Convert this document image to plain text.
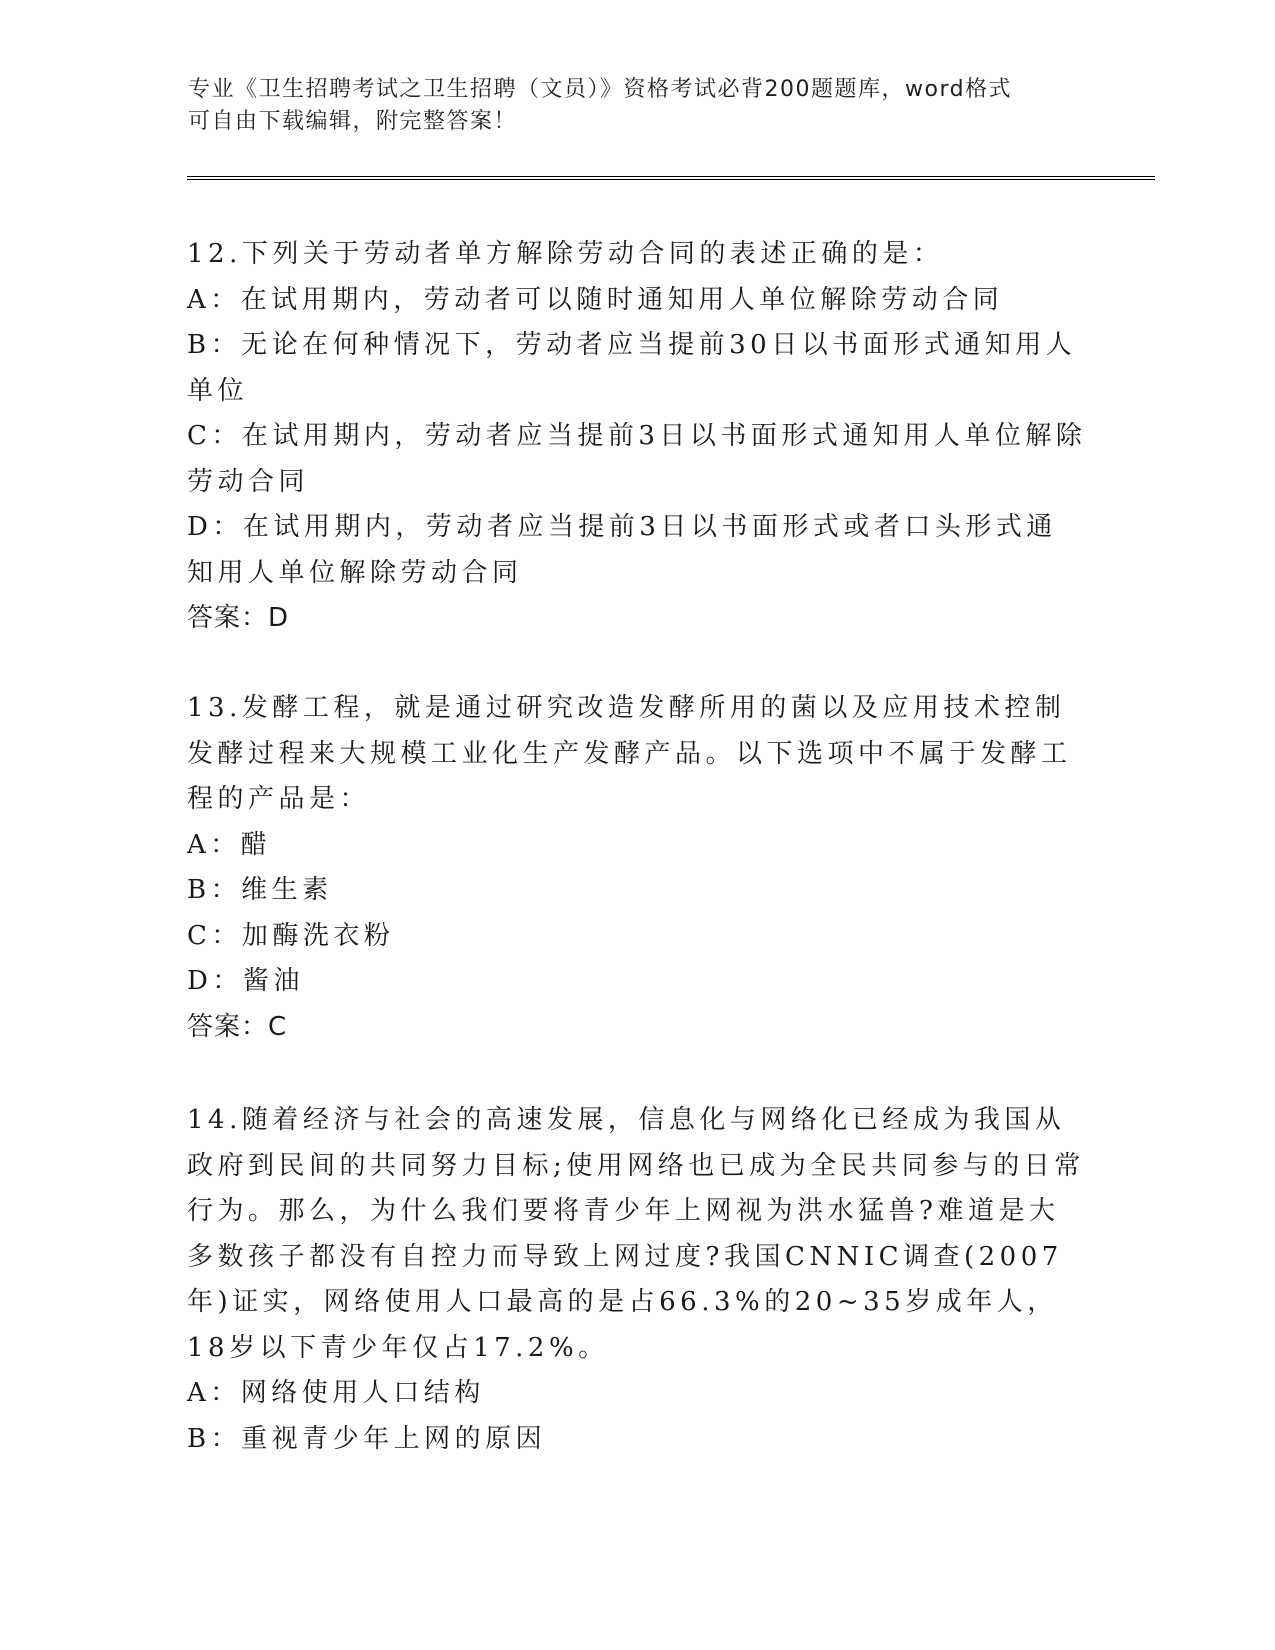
专业《卫生招聘考试之卫生招聘（文员）》资格考试必背200题题库，word格式
可自由下载编辑，附完整答案！

12.下列关于劳动者单方解除劳动合同的表述正确的是：

A：在试用期内，劳动者可以随时通知用人单位解除劳动合同

B：无论在何种情况下，劳动者应当提前30日以书面形式通知用人单位

C：在试用期内，劳动者应当提前3日以书面形式通知用人单位解除劳动合同

D：在试用期内，劳动者应当提前3日以书面形式或者口头形式通知用人单位解除劳动合同

答案：D

13.发酵工程，就是通过研究改造发酵所用的菌以及应用技术控制发酵过程来大规模工业化生产发酵产品。以下选项中不属于发酵工程的产品是：

A：醋

B：维生素

C：加酶洗衣粉

D：酱油

答案：C

14.随着经济与社会的高速发展，信息化与网络化已经成为我国从政府到民间的共同努力目标;使用网络也已成为全民共同参与的日常行为。那么，为什么我们要将青少年上网视为洪水猛兽?难道是大多数孩子都没有自控力而导致上网过度?我国CNNIC调查(2007年)证实，网络使用人口最高的是占66.3%的20~35岁成年人，18岁以下青少年仅占17.2%。

A：网络使用人口结构

B：重视青少年上网的原因
